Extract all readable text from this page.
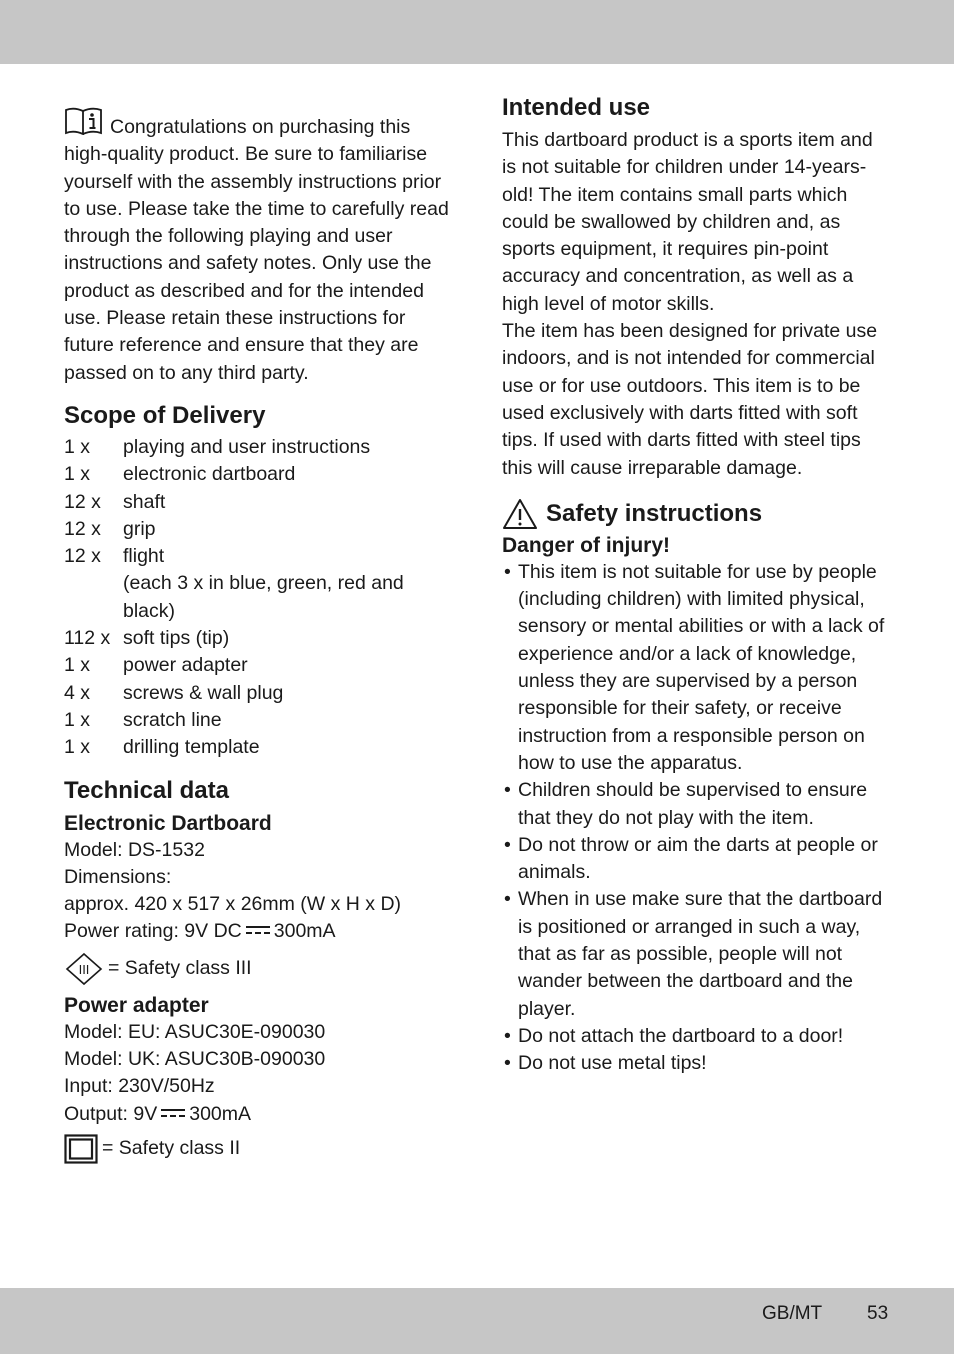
Congratulations on purchasing this high-quality product. Be sure to familiarise yourself with the assembly instructions prior to use. Please take the time to carefully read through the following playing and user instructions and safety notes. Only use the product as described and for the intended use. Please retain these instructions for future reference and ensure that they are passed on to any third party.

Scope of Delivery
1 x	playing and user instructions
1 x	electronic dartboard
12 x	shaft
12 x	grip
12 x	flight
	(each 3 x in blue, green, red and black)
112 x	soft tips (tip)
1 x	power adapter
4 x	screws & wall plug
1 x	scratch line
1 x	drilling template
Technical data
Electronic Dartboard

Model: DS-1532

Dimensions:

approx. 420 x 517 x 26mm (W x H x D)

Power rating: 9V DC 300mA

III = Safety class III
Power adapter

Model: EU: ASUC30E-090030

Model: UK: ASUC30B-090030

Input: 230V/50Hz

Output: 9V 300mA

= Safety class II
Intended use

This dartboard product is a sports item and is not suitable for children under 14-years-old! The item contains small parts which could be swallowed by children and, as sports equipment, it requires pin-point accuracy and concentration, as well as a high level of motor skills.

The item has been designed for private use indoors, and is not intended for commercial use or for use outdoors. This item is to be used exclusively with darts fitted with soft tips. If used with darts fitted with steel tips this will cause irreparable damage.

Safety instructions
Danger of injury!
• This item is not suitable for use by people (including children) with limited physical, sensory or mental abilities or with a lack of experience and/or a lack of knowledge, unless they are supervised by a person responsible for their safety, or receive instruction from a responsible person on how to use the apparatus.
• Children should be supervised to ensure that they do not play with the item.
• Do not throw or aim the darts at people or animals.
• When in use make sure that the dartboard is positioned or arranged in such a way, that as far as possible, people will not wander between the dartboard and the player.
• Do not attach the dartboard to a door!
• Do not use metal tips!
GB/MT 53
